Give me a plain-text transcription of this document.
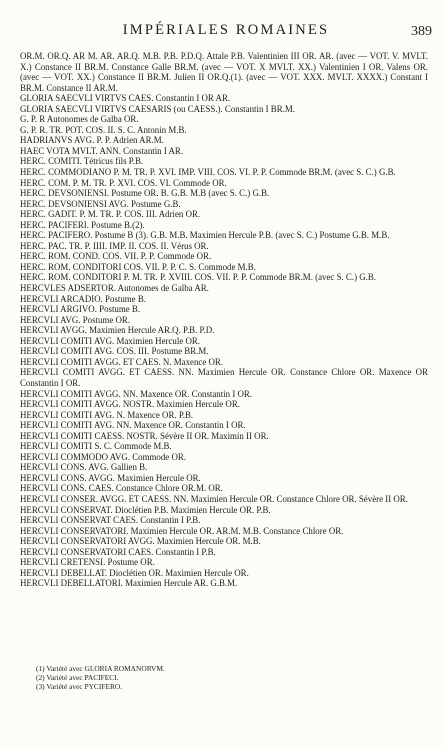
IMPÉRIALES ROMAINES	389
OR.M. OR.Q. AR M. AR. AR.Q. M.B. P.B. P.D.Q. Attale P.B. Valentinien III OR. AR. (avec — VOT. V. MVLT. X.) Constance II BR.M. Constance Galle BR.M. (avec — VOT. X MVLT. XX.) Valentinien I OR. Valens OR. (avec — VOT. XX.) Constance II BR.M. Julien II OR.Q.(1). (avec — VOT. XXX. MVLT. XXXX.) Constant I BR.M. Constance II AR.M.
GLORIA SAECVLI VIRTVS CAES. Constantin I OR AR.
GLORIA SAECVLI VIRTVS CAESARIS (ou CAESS.). Constantin I BR.M.
G. P. R Autonomes de Galba OR.
G. P. R. TR. POT. COS. II. S. C. Antonin M.B.
HADRIANVS AVG. P. P. Adrien AR.M.
HAEC VOTA MVLT. ANN. Constantin I AR.
HERC. COMITI. Tétricus fils P.B.
HERC. COMMODIANO P. M. TR. P. XVI. IMP. VIII. COS. VI. P. P. Commode BR.M. (avec S. C.) G.B.
HERC. COM. P. M. TR. P. XVI. COS. VI. Commode OR.
HERC. DEVSONIENSI. Postume OR. B. G.B. M.B (avec S. C.) G.B.
HERC. DEVSONIENSI AVG. Postume G.B.
HERC. GADIT. P. M. TR. P. COS. III. Adrien OR.
HERC. PACIFERI. Postume B.(2).
HERC. PACIFERO. Postume B (3). G.B. M.B. Maximien Hercule P.B. (avec S. C.) Postume G.B. M.B.
HERC. PAC. TR. P. IIII. IMP. II. COS. II. Vérus OR.
HERC. ROM. COND. COS. VII. P. P. Commode OR.
HERC. ROM. CONDITORI COS. VII. P. P. C. S. Commode M.B.
HERC. ROM. CONDITORI P. M. TR. P. XVIII. COS. VII. P. P. Commode BR.M. (avec S. C.) G.B.
HERCVLES ADSERTOR. Autonomes de Galba AR.
HERCVLI ARCADIO. Postume B.
HERCVLI ARGIVO. Postume B.
HERCVLI AVG. Postume OR.
HERCVLI AVGG. Maximien Hercule AR.Q. P.B. P.D.
HERCVLI COMITI AVG. Maximien Hercule OR.
HERCVLI COMITI AVG. COS. III. Postume BR.M.
HERCVLI COMITI AVGG. ET CAES. N. Maxence OR.
HERCVLI COMITI AVGG. ET CAESS. NN. Maximien Hercule OR. Constance Chlore OR. Maxence OR Constantin I OR.
HERCVLI COMITI AVGG. NN. Maxence OR. Constantin I OR.
HERCVLI COMITI AVGG. NOSTR. Maximien Hercule OR.
HERCVLI COMITI AVG. N. Maxence OR. P.B.
HERCVLI COMITI AVG. NN. Maxence OR. Constantin I OR.
HERCVLI COMITI CAESS. NOSTR. Sévère II OR. Maximin II OR.
HERCVLI COMITI S. C. Commode M.B.
HERCVLI COMMODO AVG. Commode OR.
HERCVLI CONS. AVG. Gallien B.
HERCVLI CONS. AVGG. Maximien Hercule OR.
HERCVLI CONS. CAES. Constance Chlore OR.M. OR.
HERCVLI CONSER. AVGG. ET CAESS. NN. Maximien Hercule OR. Constance Chlore OR. Sévère II OR.
HERCVLI CONSERVAT. Dioclétien P.B. Maximien Hercule OR. P.B.
HERCVLI CONSERVAT CAES. Constantin I P.B.
HERCVLI CONSERVATORI. Maximien Hercule OR. AR.M. M.B. Constance Chlore OR.
HERCVLI CONSERVATORI AVGG. Maximien Hercule OR. M.B.
HERCVLI CONSERVATORI CAES. Constantin I P.B.
HERCVLI CRETENSI. Postume OR.
HERCVLI DEBELLAT. Dioclétien OR. Maximien Hercule OR.
HERCVLI DEBELLATORI. Maximien Hercule AR. G.B.M.
(1) Variété avec GLORIA ROMANORVM.
(2) Variété avec PACIFECI.
(3) Variété avec PYCIFERO.
